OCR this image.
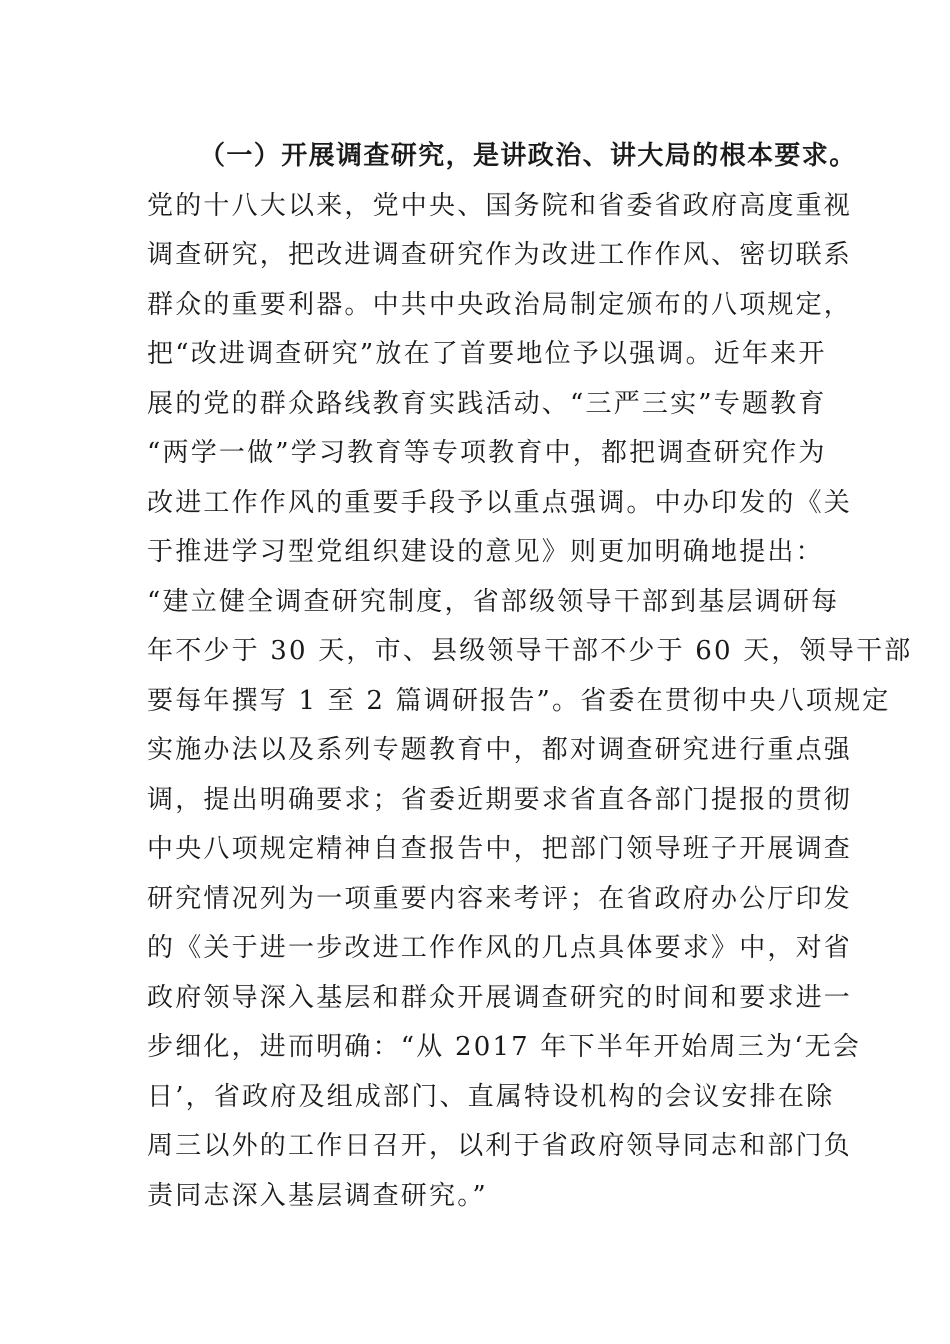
（一）开展调查研究，是讲政治、讲大局的根本要求。
党的十八大以来，党中央、国务院和省委省政府高度重视
调查研究，把改进调查研究作为改进工作作风、密切联系
群众的重要利器。中共中央政治局制定颁布的八项规定，
把“改进调查研究”放在了首要地位予以强调。近年来开
展的党的群众路线教育实践活动、“三严三实”专题教育
“两学一做”学习教育等专项教育中，都把调查研究作为
改进工作作风的重要手段予以重点强调。中办印发的《关
于推进学习型党组织建设的意见》则更加明确地提出：
“建立健全调查研究制度，省部级领导干部到基层调研每
年不少于 30 天，市、县级领导干部不少于 60 天，领导干部
要每年撰写 1 至 2 篇调研报告”。省委在贯彻中央八项规定
实施办法以及系列专题教育中，都对调查研究进行重点强
调，提出明确要求；省委近期要求省直各部门提报的贯彻
中央八项规定精神自查报告中，把部门领导班子开展调查
研究情况列为一项重要内容来考评；在省政府办公厅印发
的《关于进一步改进工作作风的几点具体要求》中，对省
政府领导深入基层和群众开展调查研究的时间和要求进一
步细化，进而明确：“从 2017 年下半年开始周三为‘无会
日’，省政府及组成部门、直属特设机构的会议安排在除
周三以外的工作日召开，以利于省政府领导同志和部门负
责同志深入基层调查研究。”
